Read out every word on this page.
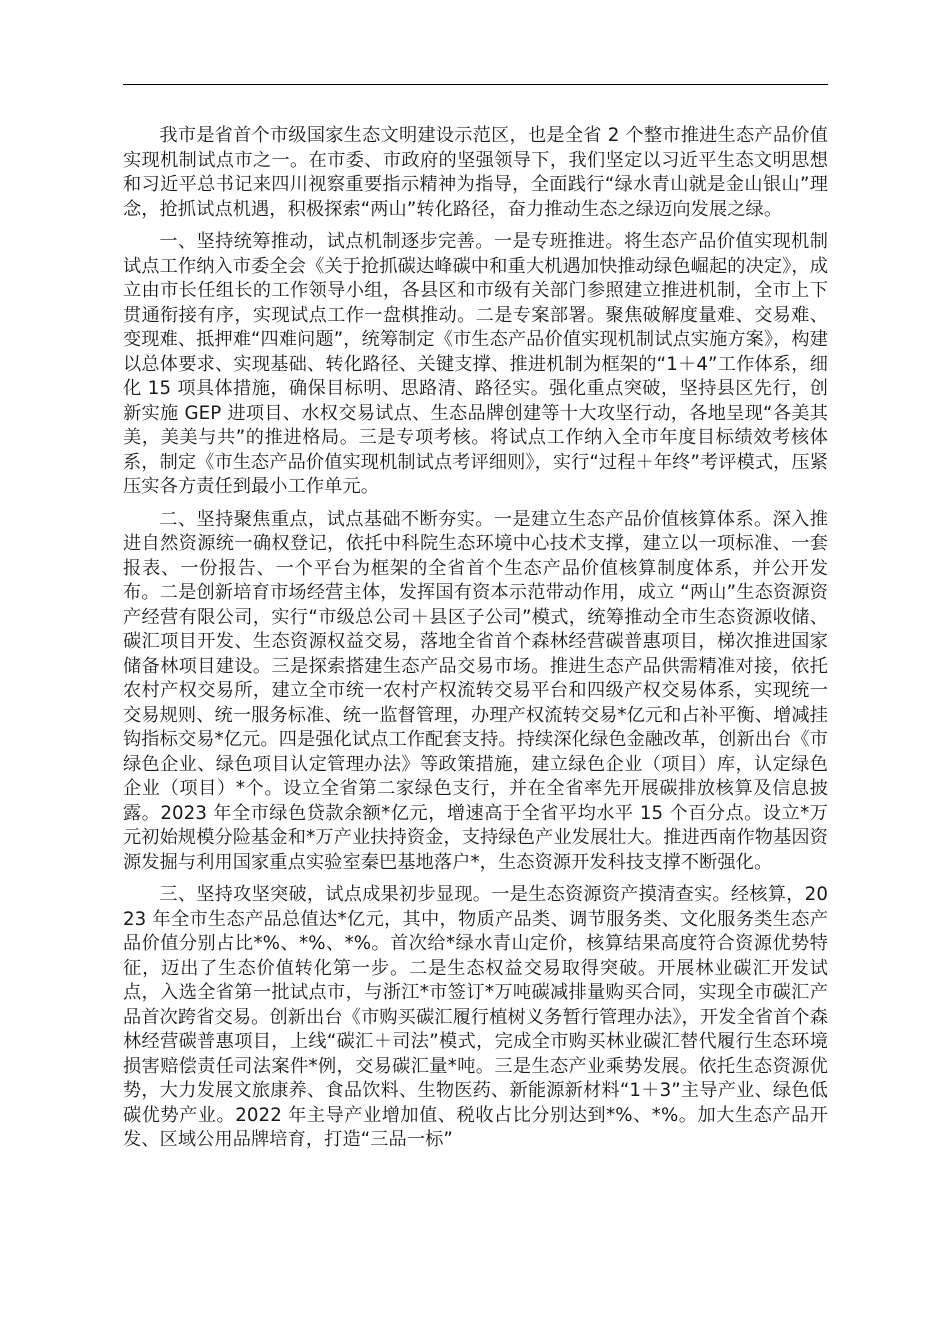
我市是省首个市级国家生态文明建设示范区，也是全省 2 个整市推进生态产品价值实现机制试点市之一。在市委、市政府的坚强领导下，我们坚定以习近平生态文明思想和习近平总书记来四川视察重要指示精神为指导，全面践行“绿水青山就是金山银山”理念，抢抓试点机遇，积极探索“两山”转化路径，奋力推动生态之绿迈向发展之绿。

一、坚持统筹推动，试点机制逐步完善。一是专班推进。将生态产品价值实现机制试点工作纳入市委全会《关于抢抓碳达峰碳中和重大机遇加快推动绿色崛起的决定》，成立由市长任组长的工作领导小组，各县区和市级有关部门参照建立推进机制，全市上下贯通衔接有序，实现试点工作一盘棋推动。二是专案部署。聚焦破解度量难、交易难、变现难、抵押难“四难问题”，统筹制定《市生态产品价值实现机制试点实施方案》，构建以总体要求、实现基础、转化路径、关键支撑、推进机制为框架的“1＋4”工作体系，细化 15 项具体措施，确保目标明、思路清、路径实。强化重点突破，坚持县区先行，创新实施 GEP 进项目、水权交易试点、生态品牌创建等十大攻坚行动，各地呈现“各美其美，美美与共”的推进格局。三是专项考核。将试点工作纳入全市年度目标绩效考核体系，制定《市生态产品价值实现机制试点考评细则》，实行“过程＋年终”考评模式，压紧压实各方责任到最小工作单元。

二、坚持聚焦重点，试点基础不断夯实。一是建立生态产品价值核算体系。深入推进自然资源统一确权登记，依托中科院生态环境中心技术支撑，建立以一项标准、一套报表、一份报告、一个平台为框架的全省首个生态产品价值核算制度体系，并公开发布。二是创新培育市场经营主体，发挥国有资本示范带动作用，成立 “两山”生态资源资产经营有限公司，实行“市级总公司＋县区子公司”模式，统筹推动全市生态资源收储、碳汇项目开发、生态资源权益交易，落地全省首个森林经营碳普惠项目，梯次推进国家储备林项目建设。三是探索搭建生态产品交易市场。推进生态产品供需精准对接，依托农村产权交易所，建立全市统一农村产权流转交易平台和四级产权交易体系，实现统一交易规则、统一服务标准、统一监督管理，办理产权流转交易*亿元和占补平衡、增减挂钩指标交易*亿元。四是强化试点工作配套支持。持续深化绿色金融改革，创新出台《市绿色企业、绿色项目认定管理办法》等政策措施，建立绿色企业（项目）库，认定绿色企业（项目）*个。设立全省第二家绿色支行，并在全省率先开展碳排放核算及信息披露。2023 年全市绿色贷款余额*亿元，增速高于全省平均水平 15 个百分点。设立*万元初始规模分险基金和*万产业扶持资金，支持绿色产业发展壮大。推进西南作物基因资源发掘与利用国家重点实验室秦巴基地落户*，生态资源开发科技支撑不断强化。

三、坚持攻坚突破，试点成果初步显现。一是生态资源资产摸清查实。经核算，2023 年全市生态产品总值达*亿元，其中，物质产品类、调节服务类、文化服务类生态产品价值分别占比*%、*%、*%。首次给*绿水青山定价，核算结果高度符合资源优势特征，迈出了生态价值转化第一步。二是生态权益交易取得突破。开展林业碳汇开发试点，入选全省第一批试点市，与浙江*市签订*万吨碳减排量购买合同，实现全市碳汇产品首次跨省交易。创新出台《市购买碳汇履行植树义务暂行管理办法》，开发全省首个森林经营碳普惠项目，上线“碳汇＋司法”模式，完成全市购买林业碳汇替代履行生态环境损害赔偿责任司法案件*例，交易碳汇量*吨。三是生态产业乘势发展。依托生态资源优势，大力发展文旅康养、食品饮料、生物医药、新能源新材料“1＋3”主导产业、绿色低碳优势产业。2022 年主导产业增加值、税收占比分别达到*%、*%。加大生态产品开发、区域公用品牌培育，打造“三品一标”
